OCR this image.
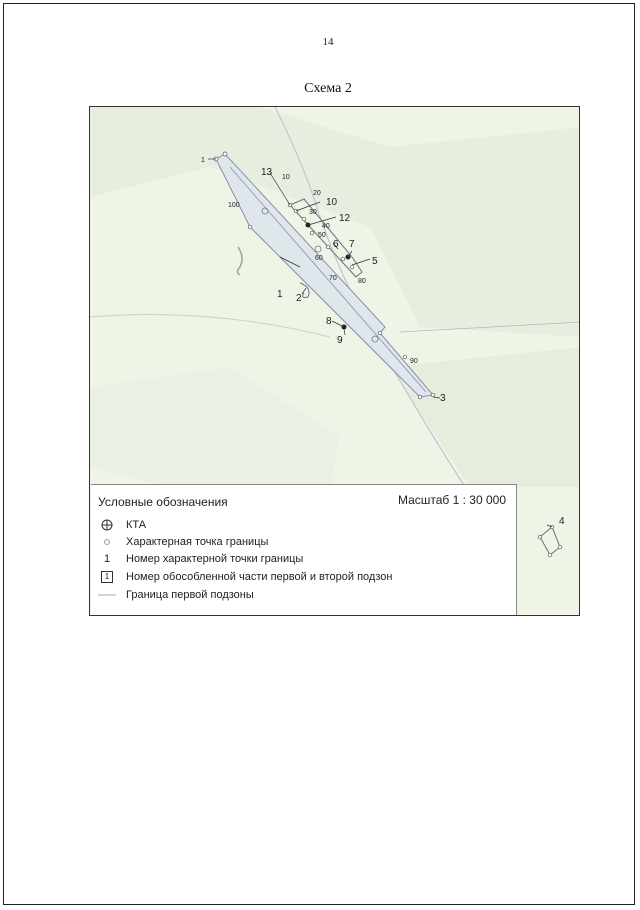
14
Схема 2
1
10
20
30
40
50
60
70	80
90
100
1 2
3
4
5
6 7
8
9
10
12
13
Условные обозначения	Масштаб 1 : 30 000
КТА
Характерная точка границы
1	Номер характерной точки границы
1	Номер обособленной части первой и второй подзон
Граница первой подзоны
